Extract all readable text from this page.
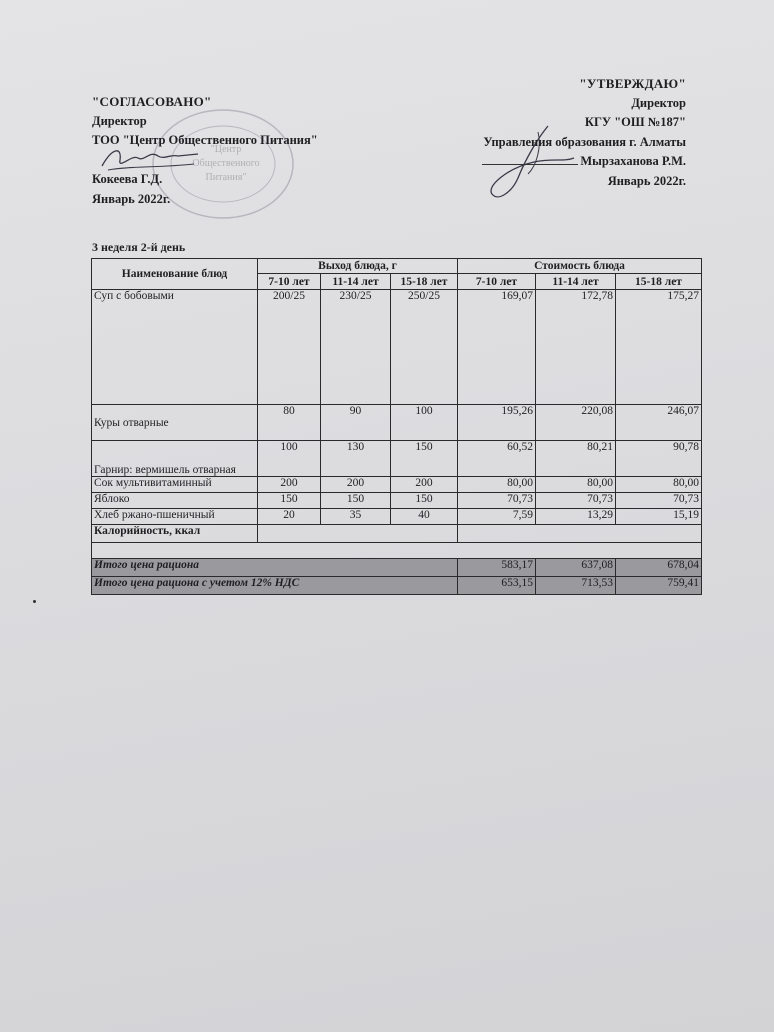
"Центр
Общественного
Питания"
"СОГЛАСОВАНО"
Директор
ТОО "Центр Общественного Питания"
Кокеева Г.Д.
Январь 2022г.
"УТВЕРЖДАЮ"
Директор
КГУ "ОШ №187"
Управления образования г. Алматы
Мырзаханова Р.М.
Январь 2022г.
3 неделя 2-й день
Наименование блюд	Выход блюда, г			Стоимость блюда		
	7-10 лет	11-14 лет	15-18 лет	7-10 лет	11-14 лет	15-18 лет
Суп с бобовыми	200/25	230/25	250/25	169,07	172,78	175,27
Куры отварные	80	90	100	195,26	220,08	246,07
Гарнир: вермишель отварная	100	130	150	60,52	80,21	90,78
Сок мультивитаминный	200	200	200	80,00	80,00	80,00
Яблоко	150	150	150	70,73	70,73	70,73
Хлеб ржано-пшеничный	20	35	40	7,59	13,29	15,19
Калорийность, ккал						

Итого цена рациона				583,17	637,08	678,04
Итого цена рациона с учетом 12% НДС				653,15	713,53	759,41
